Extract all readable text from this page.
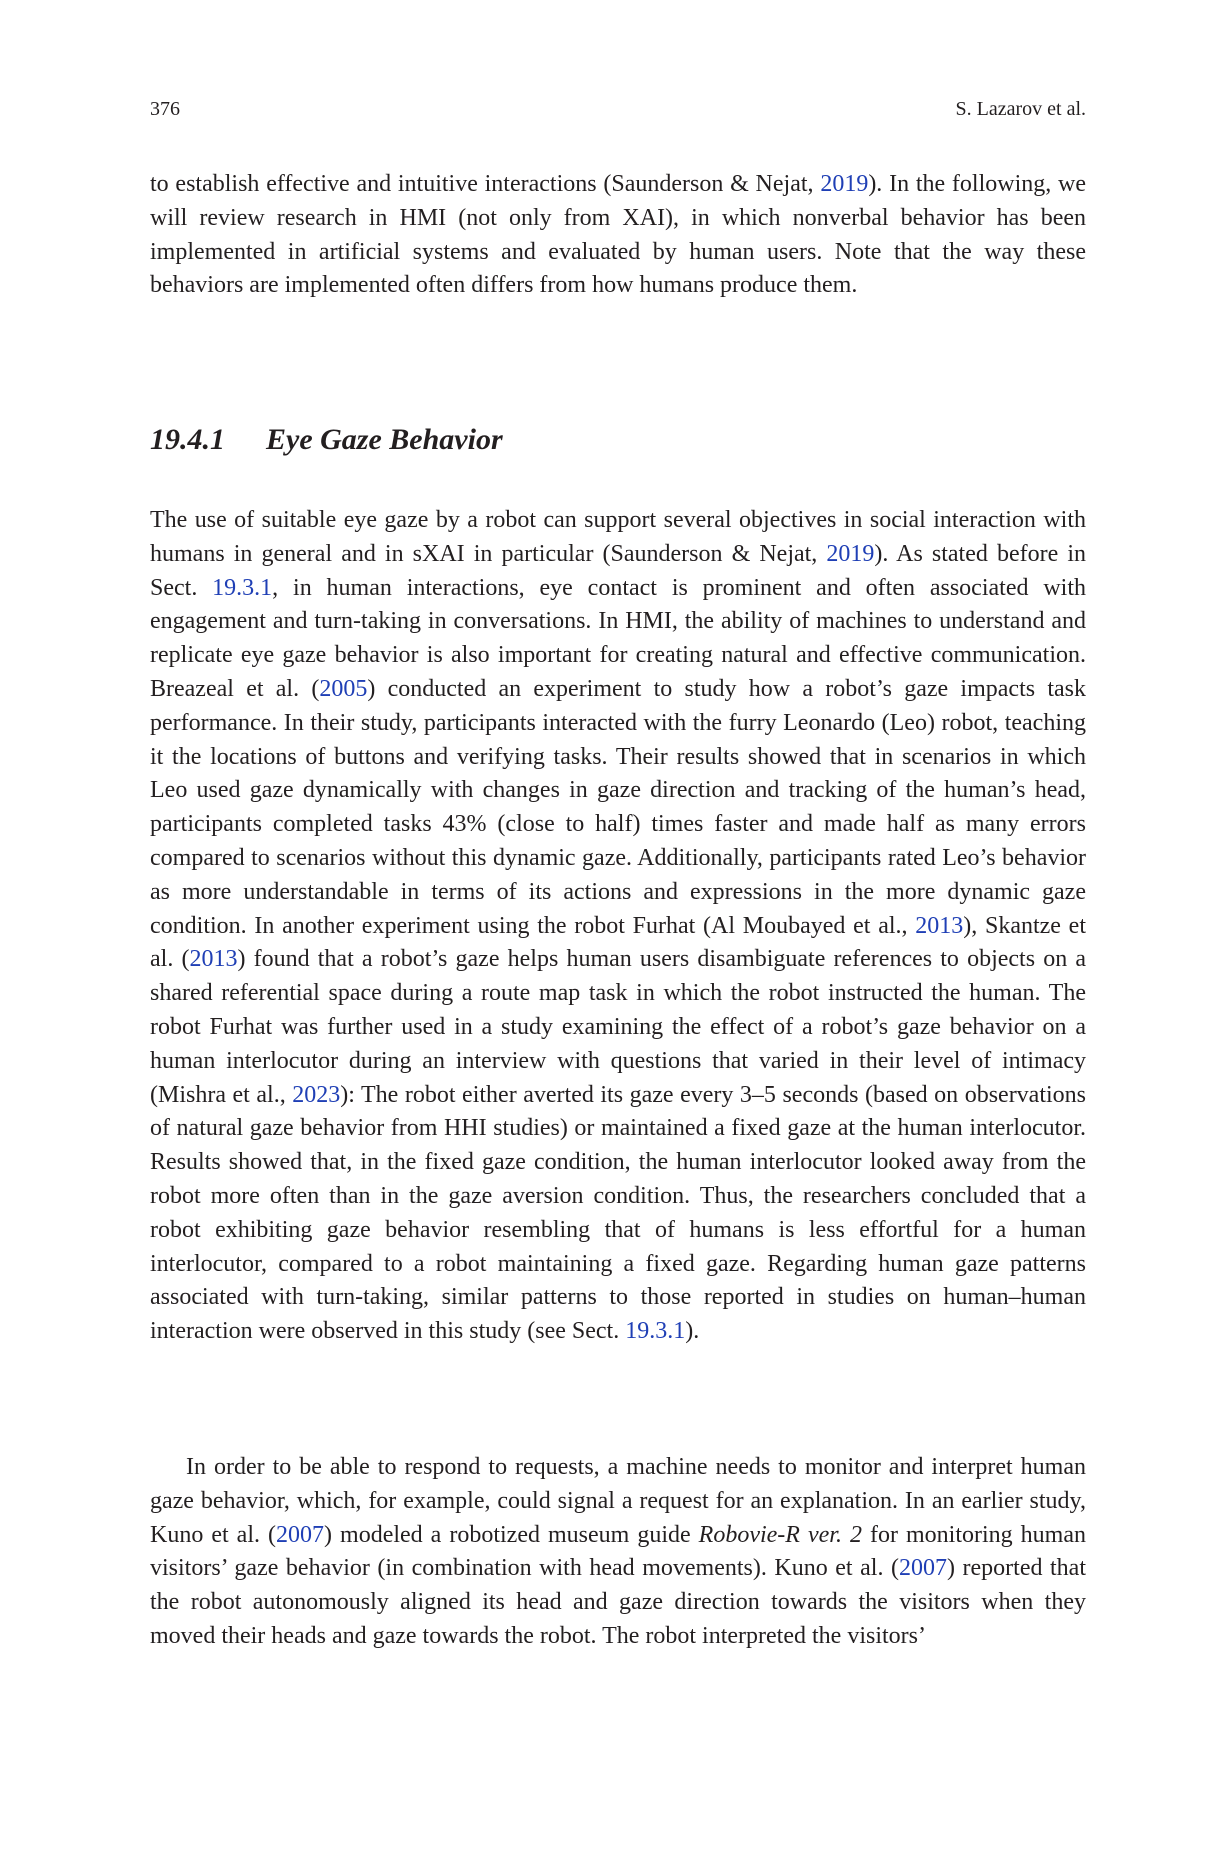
376	S. Lazarov et al.

to establish effective and intuitive interactions (Saunderson & Nejat, 2019). In the following, we will review research in HMI (not only from XAI), in which nonverbal behavior has been implemented in artificial systems and evaluated by human users. Note that the way these behaviors are implemented often differs from how humans produce them.

19.4.1 Eye Gaze Behavior

The use of suitable eye gaze by a robot can support several objectives in social interaction with humans in general and in sXAI in particular (Saunderson & Nejat, 2019). As stated before in Sect. 19.3.1, in human interactions, eye contact is prominent and often associated with engagement and turn-taking in conversations. In HMI, the ability of machines to understand and replicate eye gaze behavior is also important for creating natural and effective communication. Breazeal et al. (2005) conducted an experiment to study how a robot’s gaze impacts task performance. In their study, participants interacted with the furry Leonardo (Leo) robot, teaching it the locations of buttons and verifying tasks. Their results showed that in scenarios in which Leo used gaze dynamically with changes in gaze direction and tracking of the human’s head, participants completed tasks 43% (close to half) times faster and made half as many errors compared to scenarios without this dynamic gaze. Additionally, participants rated Leo’s behavior as more understandable in terms of its actions and expressions in the more dynamic gaze condition. In another experiment using the robot Furhat (Al Moubayed et al., 2013), Skantze et al. (2013) found that a robot’s gaze helps human users disambiguate references to objects on a shared referential space during a route map task in which the robot instructed the human. The robot Furhat was further used in a study examining the effect of a robot’s gaze behavior on a human interlocutor during an interview with questions that varied in their level of intimacy (Mishra et al., 2023): The robot either averted its gaze every 3–5 seconds (based on observations of natural gaze behavior from HHI studies) or maintained a fixed gaze at the human interlocutor. Results showed that, in the fixed gaze condition, the human interlocutor looked away from the robot more often than in the gaze aversion condition. Thus, the researchers concluded that a robot exhibiting gaze behavior resembling that of humans is less effortful for a human interlocutor, compared to a robot maintaining a fixed gaze. Regarding human gaze patterns associated with turn-taking, similar patterns to those reported in studies on human–human interaction were observed in this study (see Sect. 19.3.1).

In order to be able to respond to requests, a machine needs to monitor and interpret human gaze behavior, which, for example, could signal a request for an explanation. In an earlier study, Kuno et al. (2007) modeled a robotized museum guide Robovie-R ver. 2 for monitoring human visitors’ gaze behavior (in combination with head movements). Kuno et al. (2007) reported that the robot autonomously aligned its head and gaze direction towards the visitors when they moved their heads and gaze towards the robot. The robot interpreted the visitors’
